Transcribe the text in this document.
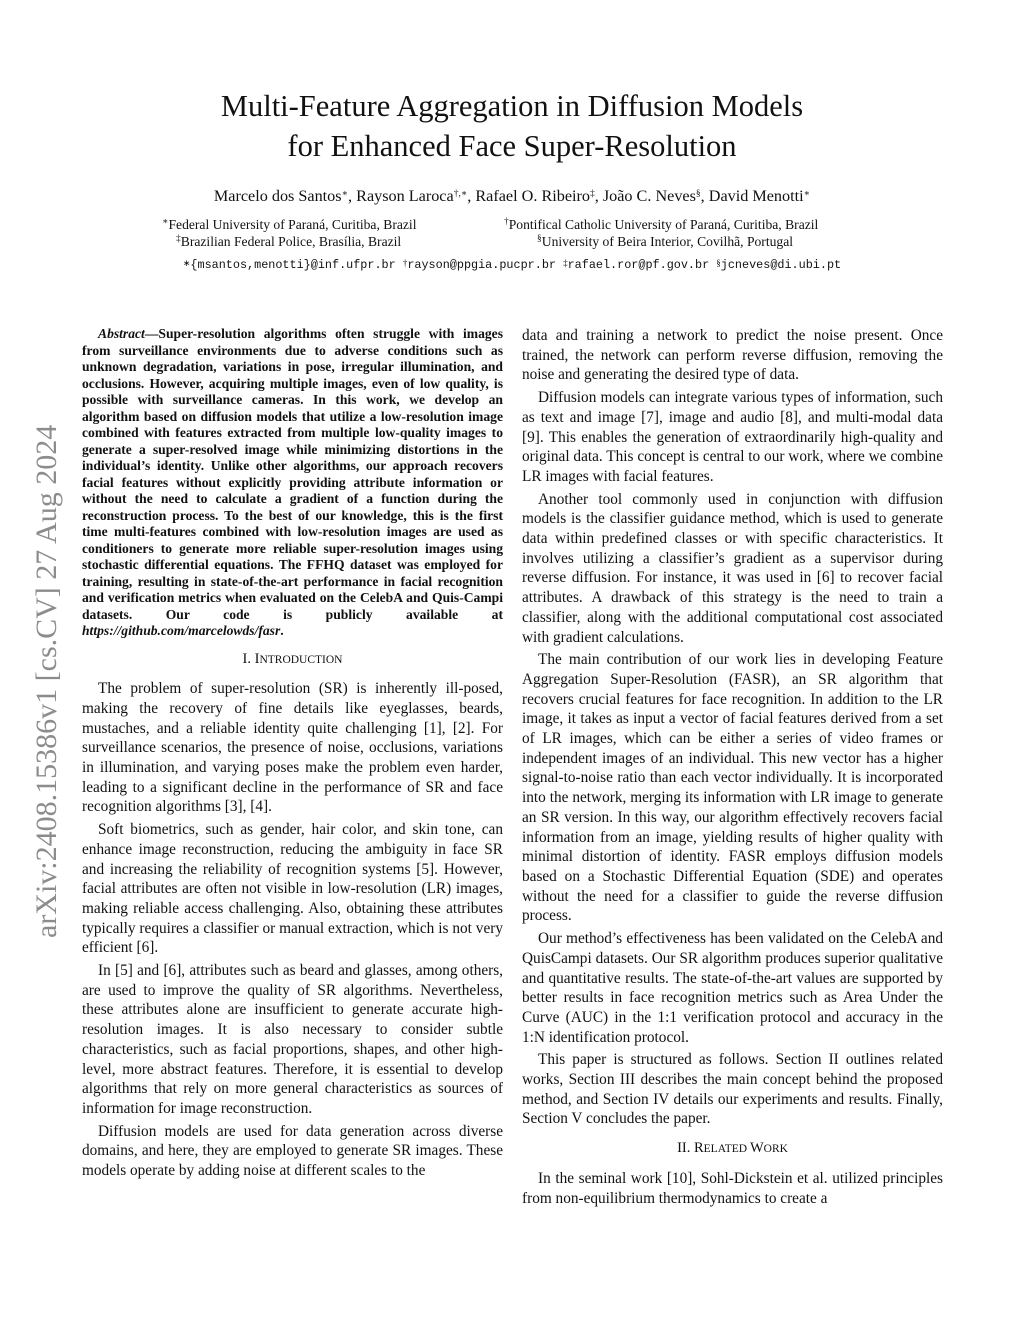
Multi-Feature Aggregation in Diffusion Models
for Enhanced Face Super-Resolution
Marcelo dos Santos∗, Rayson Laroca†,∗, Rafael O. Ribeiro‡, João C. Neves§, David Menotti∗
∗Federal University of Paraná, Curitiba, Brazil	†Pontifical Catholic University of Paraná, Curitiba, Brazil
‡Brazilian Federal Police, Brasília, Brazil	§University of Beira Interior, Covilhã, Portugal
∗{msantos,menotti}@inf.ufpr.br †rayson@ppgia.pucpr.br ‡rafael.ror@pf.gov.br §jcneves@di.ubi.pt
arXiv:2408.15386v1 [cs.CV] 27 Aug 2024

Abstract—Super-resolution algorithms often struggle with images from surveillance environments due to adverse conditions such as unknown degradation, variations in pose, irregular illumination, and occlusions. However, acquiring multiple images, even of low quality, is possible with surveillance cameras. In this work, we develop an algorithm based on diffusion models that utilize a low-resolution image combined with features extracted from multiple low-quality images to generate a super-resolved image while minimizing distortions in the individual’s identity. Unlike other algorithms, our approach recovers facial features without explicitly providing attribute information or without the need to calculate a gradient of a function during the reconstruction process. To the best of our knowledge, this is the first time multi-features combined with low-resolution images are used as conditioners to generate more reliable super-resolution images using stochastic differential equations. The FFHQ dataset was employed for training, resulting in state-of-the-art performance in facial recognition and verification metrics when evaluated on the CelebA and Quis-Campi datasets. Our code is publicly available at https://github.com/marcelowds/fasr.

I. INTRODUCTION

The problem of super-resolution (SR) is inherently ill-posed, making the recovery of fine details like eyeglasses, beards, mustaches, and a reliable identity quite challenging [1], [2]. For surveillance scenarios, the presence of noise, occlusions, variations in illumination, and varying poses make the problem even harder, leading to a significant decline in the performance of SR and face recognition algorithms [3], [4].

Soft biometrics, such as gender, hair color, and skin tone, can enhance image reconstruction, reducing the ambiguity in face SR and increasing the reliability of recognition systems [5]. However, facial attributes are often not visible in low-resolution (LR) images, making reliable access challenging. Also, obtaining these attributes typically requires a classifier or manual extraction, which is not very efficient [6].

In [5] and [6], attributes such as beard and glasses, among others, are used to improve the quality of SR algorithms. Nevertheless, these attributes alone are insufficient to generate accurate high-resolution images. It is also necessary to consider subtle characteristics, such as facial proportions, shapes, and other high-level, more abstract features. Therefore, it is essential to develop algorithms that rely on more general characteristics as sources of information for image reconstruction.

Diffusion models are used for data generation across diverse domains, and here, they are employed to generate SR images. These models operate by adding noise at different scales to the

data and training a network to predict the noise present. Once trained, the network can perform reverse diffusion, removing the noise and generating the desired type of data.

Diffusion models can integrate various types of information, such as text and image [7], image and audio [8], and multi-modal data [9]. This enables the generation of extraordinarily high-quality and original data. This concept is central to our work, where we combine LR images with facial features.

Another tool commonly used in conjunction with diffusion models is the classifier guidance method, which is used to generate data within predefined classes or with specific characteristics. It involves utilizing a classifier’s gradient as a supervisor during reverse diffusion. For instance, it was used in [6] to recover facial attributes. A drawback of this strategy is the need to train a classifier, along with the additional computational cost associated with gradient calculations.

The main contribution of our work lies in developing Feature Aggregation Super-Resolution (FASR), an SR algorithm that recovers crucial features for face recognition. In addition to the LR image, it takes as input a vector of facial features derived from a set of LR images, which can be either a series of video frames or independent images of an individual. This new vector has a higher signal-to-noise ratio than each vector individually. It is incorporated into the network, merging its information with LR image to generate an SR version. In this way, our algorithm effectively recovers facial information from an image, yielding results of higher quality with minimal distortion of identity. FASR employs diffusion models based on a Stochastic Differential Equation (SDE) and operates without the need for a classifier to guide the reverse diffusion process.

Our method’s effectiveness has been validated on the CelebA and QuisCampi datasets. Our SR algorithm produces superior qualitative and quantitative results. The state-of-the-art values are supported by better results in face recognition metrics such as Area Under the Curve (AUC) in the 1:1 verification protocol and accuracy in the 1:N identification protocol.

This paper is structured as follows. Section II outlines related works, Section III describes the main concept behind the proposed method, and Section IV details our experiments and results. Finally, Section V concludes the paper.

II. RELATED WORK

In the seminal work [10], Sohl-Dickstein et al. utilized principles from non-equilibrium thermodynamics to create a
